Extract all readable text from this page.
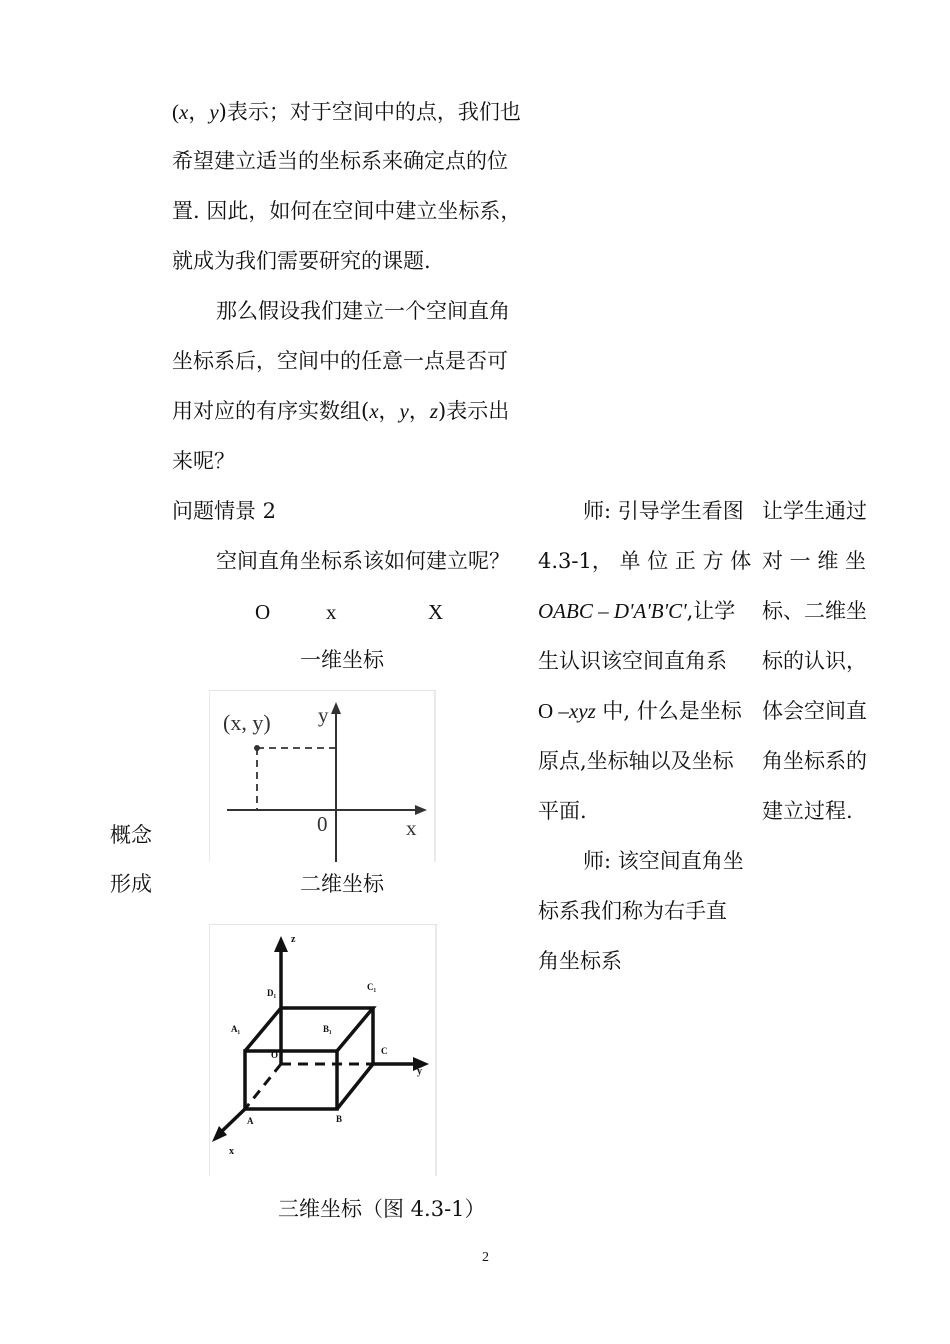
(x，y)表示；对于空间中的点，我们也
希望建立适当的坐标系来确定点的位
置. 因此，如何在空间中建立坐标系，
就成为我们需要研究的课题.
那么假设我们建立一个空间直角
坐标系后，空间中的任意一点是否可
用对应的有序实数组(x，y，z)表示出
来呢？
问题情景 2
空间直角坐标系该如何建立呢？
O	x	X
一维坐标
(x, y) y
x
0
二维坐标
z
y
x
D₁
C₁
A₁	B₁
O	C
A	B
三维坐标（图 4.3-1）
概念
形成
师: 引导学生看图
4.3-1， 单 位 正 方 体
OABC – D'A'B'C',让学
生认识该空间直角系
O –xyz 中, 什么是坐标
原点,坐标轴以及坐标
平面.
师: 该空间直角坐
标系我们称为右手直
角坐标系
让学生通过
对 一 维 坐
标、二维坐
标的认识，
体会空间直
角坐标系的
建立过程.
2
